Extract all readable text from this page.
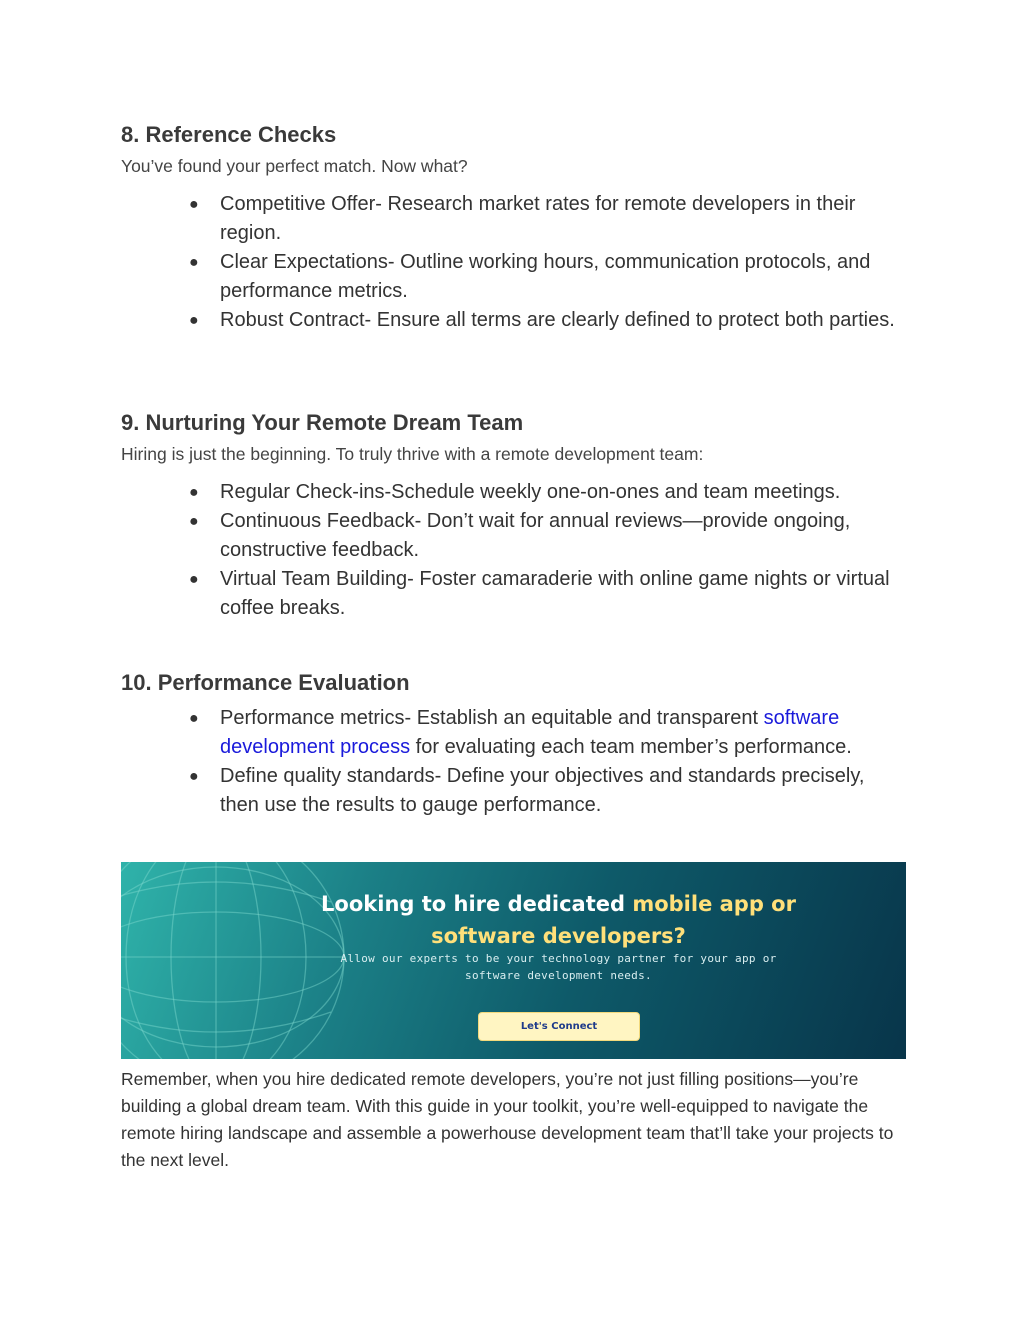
8. Reference Checks

You’ve found your perfect match. Now what?

● Competitive Offer- Research market rates for remote developers in their region.
● Clear Expectations- Outline working hours, communication protocols, and performance metrics.
● Robust Contract- Ensure all terms are clearly defined to protect both parties.
9. Nurturing Your Remote Dream Team

Hiring is just the beginning. To truly thrive with a remote development team:

● Regular Check-ins-Schedule weekly one-on-ones and team meetings.
● Continuous Feedback- Don’t wait for annual reviews—provide ongoing, constructive feedback.
● Virtual Team Building- Foster camaraderie with online game nights or virtual coffee breaks.
10. Performance Evaluation
● Performance metrics- Establish an equitable and transparent software development process for evaluating each team member’s performance.
● Define quality standards- Define your objectives and standards precisely, then use the results to gauge performance.
Looking to hire dedicated mobile app or
software developers?
Allow our experts to be your technology partner for your app or
software development needs.
Let's Connect

Remember, when you hire dedicated remote developers, you’re not just filling positions—you’re building a global dream team. With this guide in your toolkit, you’re well-equipped to navigate the remote hiring landscape and assemble a powerhouse development team that’ll take your projects to the next level.
